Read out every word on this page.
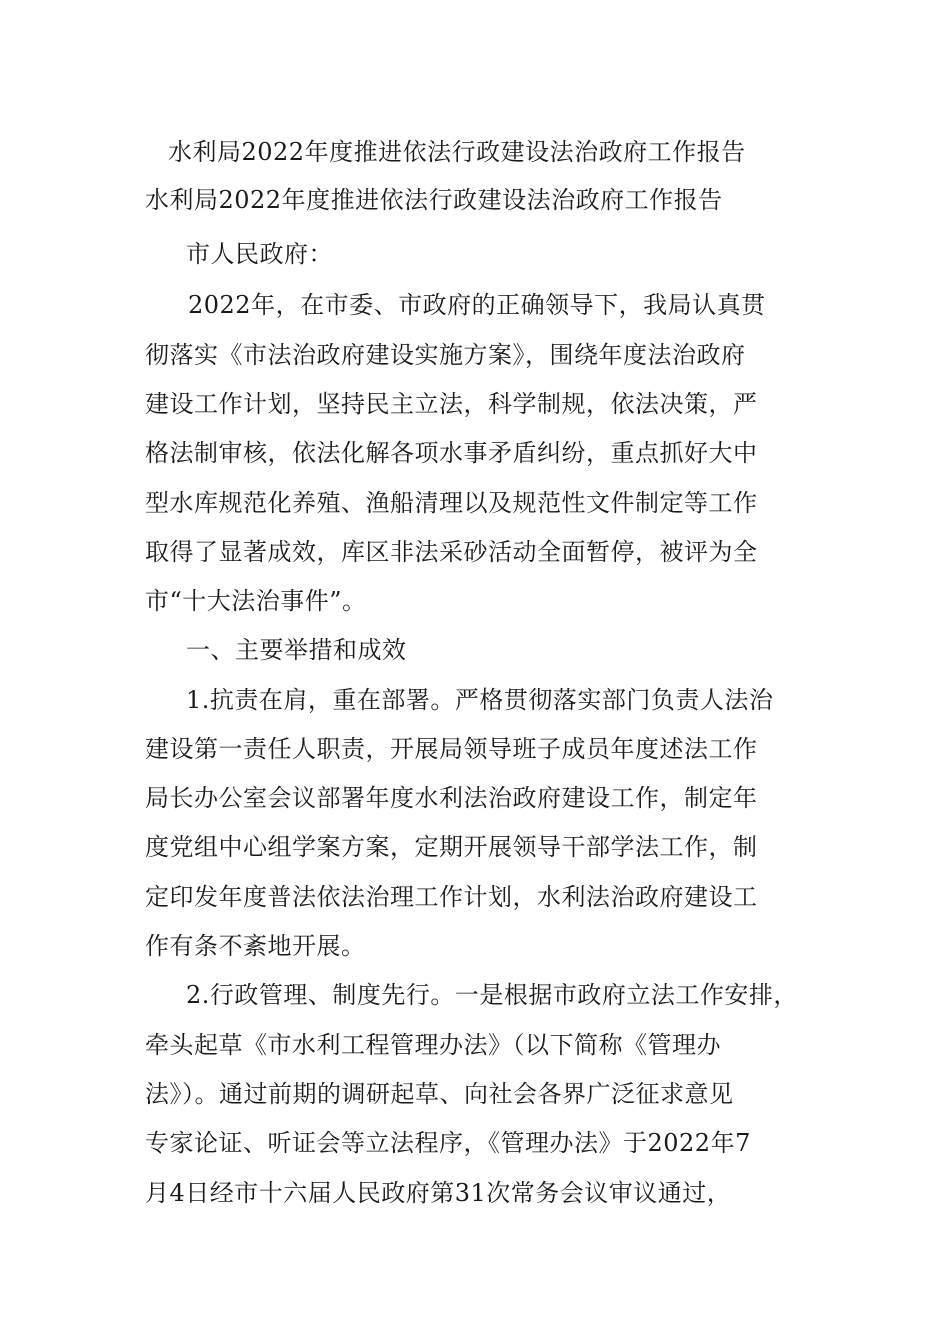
水利局2022年度推进依法行政建设法治政府工作报告
水利局2022年度推进依法行政建设法治政府工作报告
市人民政府：
2022年，在市委、市政府的正确领导下，我局认真贯
彻落实《市法治政府建设实施方案》，围绕年度法治政府
建设工作计划，坚持民主立法，科学制规，依法决策，严
格法制审核，依法化解各项水事矛盾纠纷，重点抓好大中
型水库规范化养殖、渔船清理以及规范性文件制定等工作
取得了显著成效，库区非法采砂活动全面暂停，被评为全
市“十大法治事件”。
一、主要举措和成效
1.抗责在肩，重在部署。严格贯彻落实部门负责人法治
建设第一责任人职责，开展局领导班子成员年度述法工作
局长办公室会议部署年度水利法治政府建设工作，制定年
度党组中心组学案方案，定期开展领导干部学法工作，制
定印发年度普法依法治理工作计划，水利法治政府建设工
作有条不紊地开展。
2.行政管理、制度先行。一是根据市政府立法工作安排，
牵头起草《市水利工程管理办法》（以下简称《管理办
法》）。通过前期的调研起草、向社会各界广泛征求意见
专家论证、听证会等立法程序，《管理办法》于2022年7
月4日经市十六届人民政府第31次常务会议审议通过，
